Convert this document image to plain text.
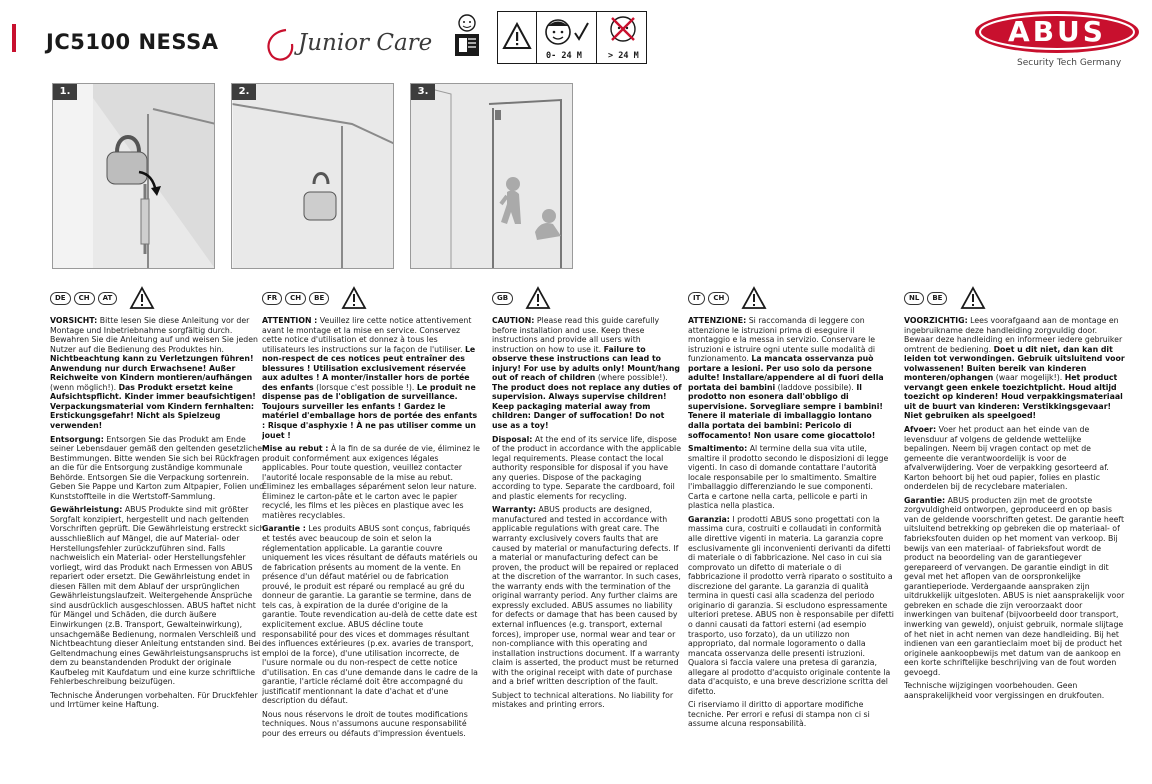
JC5100 NESSA	Junior Care	0- 24 M	> 24 M
ABUS
Security Tech Germany
1.	2.	3.
DE CH AT	FR CH BE	GB	IT CH	NL BE

VORSICHT: Bitte lesen Sie diese Anleitung vor der Montage und Inbetriebnahme sorgfältig durch. Bewahren Sie die Anleitung auf und weisen Sie jeden Nutzer auf die Bedienung des Produktes hin. Nichtbeachtung kann zu Verletzungen führen! Anwendung nur durch Erwachsene! Außer Reichweite von Kindern montieren/aufhängen (wenn möglich!). Das Produkt ersetzt keine Aufsichtspflicht. Kinder immer beaufsichtigen! Verpackungsmaterial vom Kindern fernhalten: Erstickungsgefahr! Nicht als Spielzeug verwenden!

Entsorgung: Entsorgen Sie das Produkt am Ende seiner Lebensdauer gemäß den geltenden gesetzlichen Bestimmungen. Bitte wenden Sie sich bei Rückfragen an die für die Entsorgung zuständige kommunale Behörde. Entsorgen Sie die Verpackung sortenrein. Geben Sie Pappe und Karton zum Altpapier, Folien und Kunststoffteile in die Wertstoff-Sammlung.

Gewährleistung: ABUS Produkte sind mit größter Sorgfalt konzipiert, hergestellt und nach geltenden Vorschriften geprüft. Die Gewährleistung erstreckt sich ausschließlich auf Mängel, die auf Material- oder Herstellungsfehler zurückzuführen sind. Falls nachweislich ein Material- oder Herstellungsfehler vorliegt, wird das Produkt nach Ermessen von ABUS repariert oder ersetzt. Die Gewährleistung endet in diesen Fällen mit dem Ablauf der ursprünglichen Gewährleistungslaufzeit. Weitergehende Ansprüche sind ausdrücklich ausgeschlossen. ABUS haftet nicht für Mängel und Schäden, die durch äußere Einwirkungen (z.B. Transport, Gewalteinwirkung), unsachgemäße Bedienung, normalen Verschleiß und Nichtbeachtung dieser Anleitung entstanden sind. Bei Geltendmachung eines Gewährleistungsanspruchs ist dem zu beanstandenden Produkt der originale Kaufbeleg mit Kaufdatum und eine kurze schriftliche Fehlerbeschreibung beizufügen.

Technische Änderungen vorbehalten. Für Druckfehler und Irrtümer keine Haftung.

ATTENTION : Veuillez lire cette notice attentivement avant le montage et la mise en service. Conservez cette notice d'utilisation et donnez à tous les utilisateurs les instructions sur la façon de l'utiliser. Le non-respect de ces notices peut entraîner des blessures ! Utilisation exclusivement réservée aux adultes ! A monter/installer hors de portée des enfants (lorsque c'est possible !). Le produit ne dispense pas de l'obligation de surveillance. Toujours surveiller les enfants ! Gardez le matériel d'emballage hors de portée des enfants : Risque d'asphyxie ! À ne pas utiliser comme un jouet !

Mise au rebut : À la fin de sa durée de vie, éliminez le produit conformément aux exigences légales applicables. Pour toute question, veuillez contacter l'autorité locale responsable de la mise au rebut. Éliminez les emballages séparément selon leur nature. Éliminez le carton-pâte et le carton avec le papier recyclé, les films et les pièces en plastique avec les matières recyclables.

Garantie : Les produits ABUS sont conçus, fabriqués et testés avec beaucoup de soin et selon la réglementation applicable. La garantie couvre uniquement les vices résultant de défauts matériels ou de fabrication présents au moment de la vente. En présence d'un défaut matériel ou de fabrication prouvé, le produit est réparé ou remplacé au gré du donneur de garantie. La garantie se termine, dans de tels cas, à expiration de la durée d'origine de la garantie. Toute revendication au-delà de cette date est explicitement exclue. ABUS décline toute responsabilité pour des vices et dommages résultant des influences extérieures (p.ex. avaries de transport, emploi de la force), d'une utilisation incorrecte, de l'usure normale ou du non-respect de cette notice d'utilisation. En cas d'une demande dans le cadre de la garantie, l'article réclamé doit être accompagné du justificatif mentionnant la date d'achat et d'une description du défaut.

Nous nous réservons le droit de toutes modifications techniques. Nous n'assumons aucune responsabilité pour des erreurs ou défauts d'impression éventuels.

CAUTION: Please read this guide carefully before installation and use. Keep these instructions and provide all users with instruction on how to use it. Failure to observe these instructions can lead to injury! For use by adults only! Mount/hang out of reach of children (where possible!). The product does not replace any duties of supervision. Always supervise children! Keep packaging material away from children: Danger of suffocation! Do not use as a toy!

Disposal: At the end of its service life, dispose of the product in accordance with the applicable legal requirements. Please contact the local authority responsible for disposal if you have any queries. Dispose of the packaging according to type. Separate the cardboard, foil and plastic elements for recycling.

Warranty: ABUS products are designed, manufactured and tested in accordance with applicable regulations with great care. The warranty exclusively covers faults that are caused by material or manufacturing defects. If a material or manufacturing defect can be proven, the product will be repaired or replaced at the discretion of the warrantor. In such cases, the warranty ends with the termination of the original warranty period. Any further claims are expressly excluded. ABUS assumes no liability for defects or damage that has been caused by external influences (e.g. transport, external forces), improper use, normal wear and tear or non-compliance with this operating and installation instructions document. If a warranty claim is asserted, the product must be returned with the original receipt with date of purchase and a brief written description of the fault.

Subject to technical alterations. No liability for mistakes and printing errors.

ATTENZIONE: Si raccomanda di leggere con attenzione le istruzioni prima di eseguire il montaggio e la messa in servizio. Conservare le istruzioni e istruire ogni utente sulle modalità di funzionamento. La mancata osservanza può portare a lesioni. Per uso solo da persone adulte! Installare/appendere al di fuori della portata dei bambini (laddove possibile). Il prodotto non esonera dall'obbligo di supervisione. Sorvegliare sempre i bambini! Tenere il materiale di imballaggio lontano dalla portata dei bambini: Pericolo di soffocamento! Non usare come giocattolo!

Smaltimento: Al termine della sua vita utile, smaltire il prodotto secondo le disposizioni di legge vigenti. In caso di domande contattare l'autorità locale responsabile per lo smaltimento. Smaltire l'imballaggio differenziando le sue componenti. Carta e cartone nella carta, pellicole e parti in plastica nella plastica.

Garanzia: I prodotti ABUS sono progettati con la massima cura, costruiti e collaudati in conformità alle direttive vigenti in materia. La garanzia copre esclusivamente gli inconvenienti derivanti da difetti di materiale o di fabbricazione. Nel caso in cui sia comprovato un difetto di materiale o di fabbricazione il prodotto verrà riparato o sostituito a discrezione del garante. La garanzia di qualità termina in questi casi alla scadenza del periodo originario di garanzia. Si escludono espressamente ulteriori pretese. ABUS non è responsabile per difetti o danni causati da fattori esterni (ad esempio trasporto, uso forzato), da un utilizzo non appropriato, dal normale logoramento o dalla mancata osservanza delle presenti istruzioni. Qualora si faccia valere una pretesa di garanzia, allegare al prodotto d'acquisto originale contente la data d'acquisto, e una breve descrizione scritta del difetto.

Ci riserviamo il diritto di apportare modifiche tecniche. Per errori e refusi di stampa non ci si assume alcuna responsabilità.

VOORZICHTIG: Lees voorafgaand aan de montage en ingebruikname deze handleiding zorgvuldig door. Bewaar deze handleiding en informeer iedere gebruiker omtrent de bediening. Doet u dit niet, dan kan dit leiden tot verwondingen. Gebruik uitsluitend voor volwassenen! Buiten bereik van kinderen monteren/ophangen (waar mogelijk!). Het product vervangt geen enkele toezichtplicht. Houd altijd toezicht op kinderen! Houd verpakkingsmateriaal uit de buurt van kinderen: Verstikkingsgevaar! Niet gebruiken als speelgoed!

Afvoer: Voer het product aan het einde van de levensduur af volgens de geldende wettelijke bepalingen. Neem bij vragen contact op met de gemeente die verantwoordelijk is voor de afvalverwijdering. Voer de verpakking gesorteerd af. Karton behoort bij het oud papier, folies en plastic onderdelen bij de recyclebare materialen.

Garantie: ABUS producten zijn met de grootste zorgvuldigheid ontworpen, geproduceerd en op basis van de geldende voorschriften getest. De garantie heeft uitsluitend betrekking op gebreken die op materiaal- of fabrieksfouten duiden op het moment van verkoop. Bij bewijs van een materiaal- of fabrieksfout wordt de product na beoordeling van de garantiegever gerepareerd of vervangen. De garantie eindigt in dit geval met het aflopen van de oorspronkelijke garantieperiode. Verdergaande aanspraken zijn uitdrukkelijk uitgesloten. ABUS is niet aansprakelijk voor gebreken en schade die zijn veroorzaakt door inwerkingen van buitenaf (bijvoorbeeld door transport, inwerking van geweld), onjuist gebruik, normale slijtage of het niet in acht nemen van deze handleiding. Bij het indienen van een garantieclaim moet bij de product het originele aankoopbewijs met datum van de aankoop en een korte schriftelijke beschrijving van de fout worden gevoegd.

Technische wijzigingen voorbehouden. Geen aansprakelijkheid voor vergissingen en drukfouten.
